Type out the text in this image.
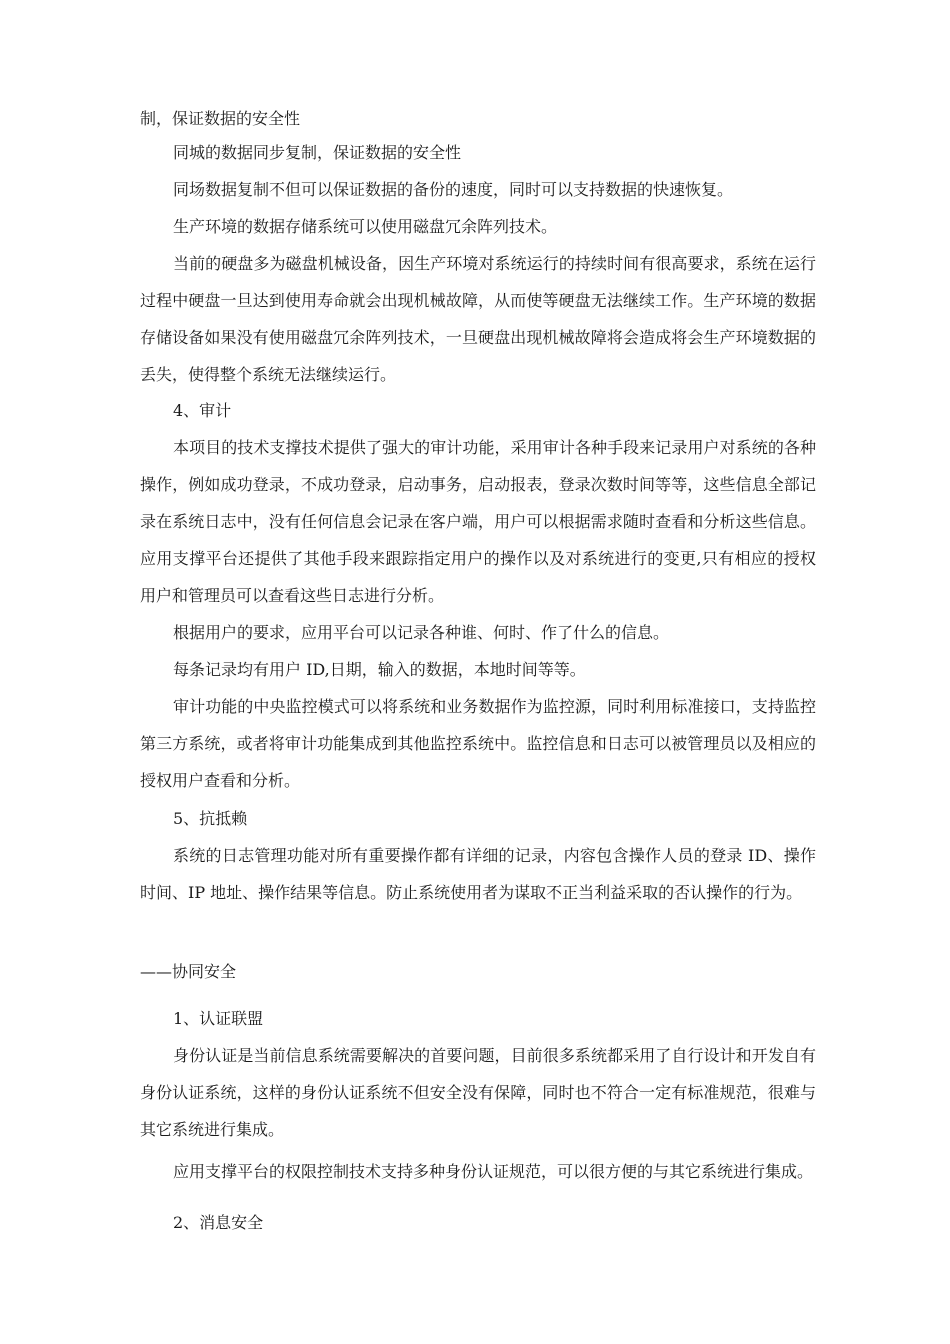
制，保证数据的安全性

同城的数据同步复制，保证数据的安全性

同场数据复制不但可以保证数据的备份的速度，同时可以支持数据的快速恢复。

生产环境的数据存储系统可以使用磁盘冗余阵列技术。

当前的硬盘多为磁盘机械设备，因生产环境对系统运行的持续时间有很高要求，系统在运行过程中硬盘一旦达到使用寿命就会出现机械故障，从而使等硬盘无法继续工作。生产环境的数据存储设备如果没有使用磁盘冗余阵列技术，一旦硬盘出现机械故障将会造成将会生产环境数据的丢失，使得整个系统无法继续运行。

4、审计

本项目的技术支撑技术提供了强大的审计功能，采用审计各种手段来记录用户对系统的各种操作，例如成功登录，不成功登录，启动事务，启动报表，登录次数时间等等，这些信息全部记录在系统日志中，没有任何信息会记录在客户端，用户可以根据需求随时查看和分析这些信息。应用支撑平台还提供了其他手段来跟踪指定用户的操作以及对系统进行的变更,只有相应的授权用户和管理员可以查看这些日志进行分析。

根据用户的要求，应用平台可以记录各种谁、何时、作了什么的信息。

每条记录均有用户 ID,日期，输入的数据，本地时间等等。

审计功能的中央监控模式可以将系统和业务数据作为监控源，同时利用标准接口，支持监控第三方系统，或者将审计功能集成到其他监控系统中。监控信息和日志可以被管理员以及相应的授权用户查看和分析。

5、抗抵赖

系统的日志管理功能对所有重要操作都有详细的记录，内容包含操作人员的登录 ID、操作时间、IP 地址、操作结果等信息。防止系统使用者为谋取不正当利益采取的否认操作的行为。

——协同安全

1、认证联盟

身份认证是当前信息系统需要解决的首要问题，目前很多系统都采用了自行设计和开发自有身份认证系统，这样的身份认证系统不但安全没有保障，同时也不符合一定有标准规范，很难与其它系统进行集成。

应用支撑平台的权限控制技术支持多种身份认证规范，可以很方便的与其它系统进行集成。

2、消息安全
